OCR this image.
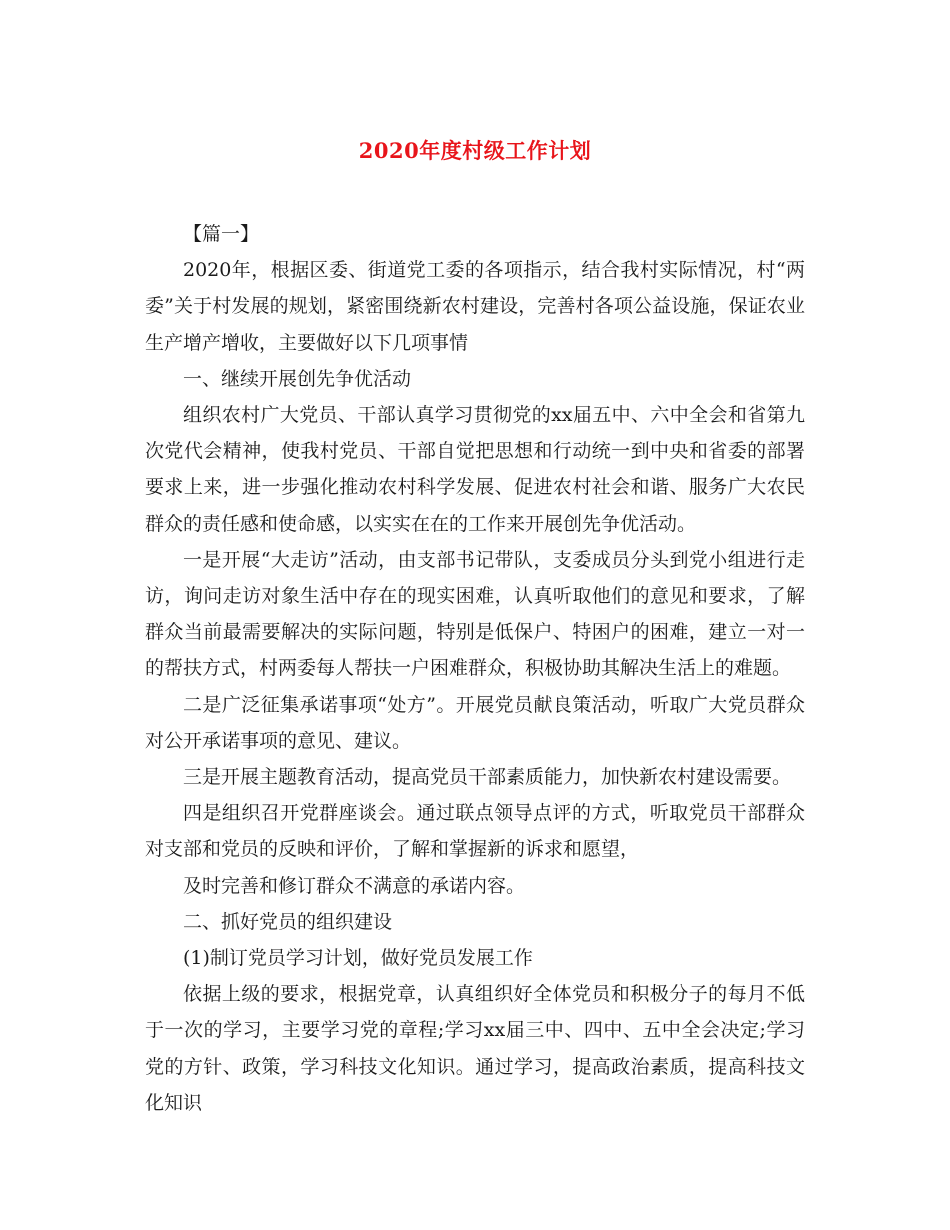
2020年度村级工作计划

【篇一】

2020年，根据区委、街道党工委的各项指示，结合我村实际情况，村“两委”关于村发展的规划，紧密围绕新农村建设，完善村各项公益设施，保证农业生产增产增收，主要做好以下几项事情

一、继续开展创先争优活动

组织农村广大党员、干部认真学习贯彻党的xx届五中、六中全会和省第九次党代会精神，使我村党员、干部自觉把思想和行动统一到中央和省委的部署要求上来，进一步强化推动农村科学发展、促进农村社会和谐、服务广大农民群众的责任感和使命感，以实实在在的工作来开展创先争优活动。

一是开展“大走访”活动，由支部书记带队，支委成员分头到党小组进行走访，询问走访对象生活中存在的现实困难，认真听取他们的意见和要求，了解群众当前最需要解决的实际问题，特别是低保户、特困户的困难，建立一对一的帮扶方式，村两委每人帮扶一户困难群众，积极协助其解决生活上的难题。

二是广泛征集承诺事项“处方”。开展党员献良策活动，听取广大党员群众对公开承诺事项的意见、建议。

三是开展主题教育活动，提高党员干部素质能力，加快新农村建设需要。

四是组织召开党群座谈会。通过联点领导点评的方式，听取党员干部群众对支部和党员的反映和评价，了解和掌握新的诉求和愿望，

及时完善和修订群众不满意的承诺内容。

二、抓好党员的组织建设

(1)制订党员学习计划，做好党员发展工作

依据上级的要求，根据党章，认真组织好全体党员和积极分子的每月不低于一次的学习，主要学习党的章程;学习xx届三中、四中、五中全会决定;学习党的方针、政策，学习科技文化知识。通过学习，提高政治素质，提高科技文化知识
